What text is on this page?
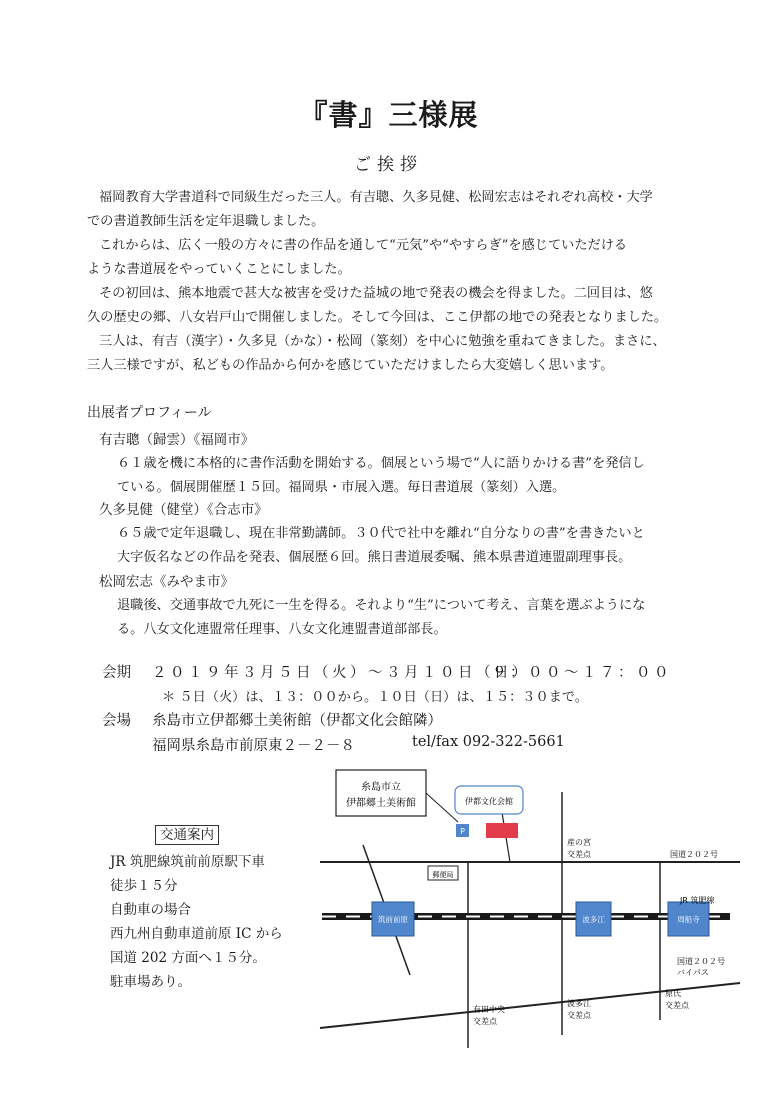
『書』三様展
ご挨拶
福岡教育大学書道科で同級生だった三人。有吉聰、久多見健、松岡宏志はそれぞれ高校・大学
での書道教師生活を定年退職しました。
これからは、広く一般の方々に書の作品を通して“元気”や“やすらぎ”を感じていただける
ような書道展をやっていくことにしました。
その初回は、熊本地震で甚大な被害を受けた益城の地で発表の機会を得ました。二回目は、悠
久の歴史の郷、八女岩戸山で開催しました。そして今回は、ここ伊都の地での発表となりました。
三人は、有吉（漢字）・久多見（かな）・松岡（篆刻）を中心に勉強を重ねてきました。まさに、
三人三様ですが、私どもの作品から何かを感じていただけましたら大変嬉しく思います。
出展者プロフィール
有吉聰（歸雲）《福岡市》
６１歳を機に本格的に書作活動を開始する。個展という場で“人に語りかける書”を発信し
ている。個展開催歴１５回。福岡県・市展入選。毎日書道展（篆刻）入選。
久多見健（健堂）《合志市》
６５歳で定年退職し、現在非常勤講師。３０代で社中を離れ“自分なりの書”を書きたいと
大字仮名などの作品を発表、個展歴６回。熊日書道展委嘱、熊本県書道連盟副理事長。
松岡宏志《みやま市》
退職後、交通事故で九死に一生を得る。それより“生”について考え、言葉を選ぶようにな
る。八女文化連盟常任理事、八女文化連盟書道部部長。
会期 ２０１９年３月５日（火）～３月１０日（日）
９：００～１７：００
＊ ５日（火）は、１３：００から。１０日（日）は、１５：３０まで。
会場 糸島市立伊都郷土美術館（伊都文化会館隣）
福岡県糸島市前原東２－２－８	tel/fax 092-322-5661
交通案内
JR 筑肥線筑前前原駅下車
徒歩１５分
自動車の場合
西九州自動車道前原 IC から
国道 202 方面へ１５分。
駐車場あり。
糸島市立
伊都郷土美術館	伊都文化会館
P
郵便局
筑前前原	波多江	周船寺
産の宮
交差点	国道２０２号
JR 筑肥線
国道２０２号
バイパス
有田中央
交差点
波多江
交差点
原氏
交差点
